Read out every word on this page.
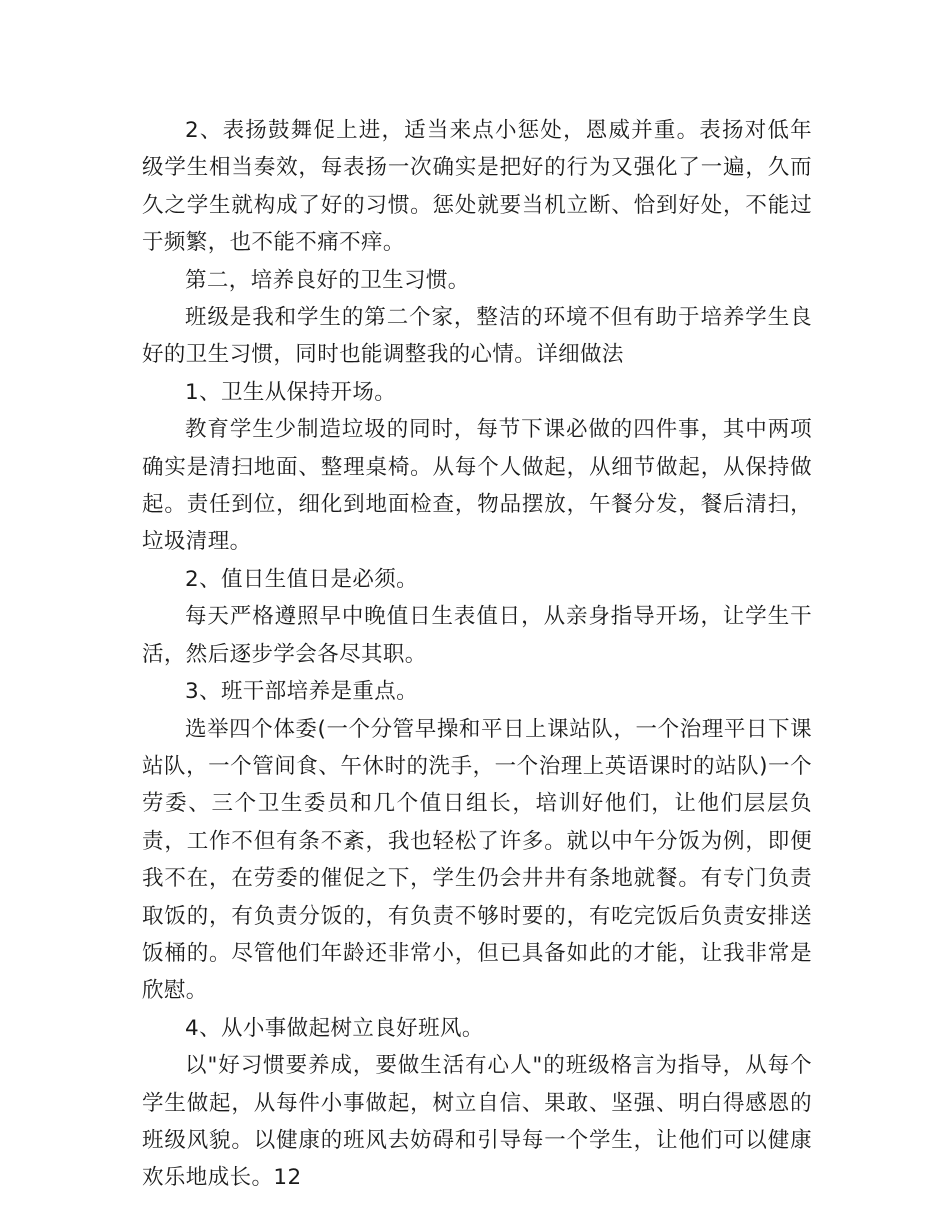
2、表扬鼓舞促上进，适当来点小惩处，恩威并重。表扬对低年级学生相当奏效，每表扬一次确实是把好的行为又强化了一遍，久而久之学生就构成了好的习惯。惩处就要当机立断、恰到好处，不能过于频繁，也不能不痛不痒。

第二，培养良好的卫生习惯。

班级是我和学生的第二个家，整洁的环境不但有助于培养学生良好的卫生习惯，同时也能调整我的心情。详细做法

1、卫生从保持开场。

教育学生少制造垃圾的同时，每节下课必做的四件事，其中两项确实是清扫地面、整理桌椅。从每个人做起，从细节做起，从保持做起。责任到位，细化到地面检查，物品摆放，午餐分发，餐后清扫，垃圾清理。

2、值日生值日是必须。

每天严格遵照早中晚值日生表值日，从亲身指导开场，让学生干活，然后逐步学会各尽其职。

3、班干部培养是重点。

选举四个体委(一个分管早操和平日上课站队，一个治理平日下课站队，一个管间食、午休时的洗手，一个治理上英语课时的站队)一个劳委、三个卫生委员和几个值日组长，培训好他们，让他们层层负责，工作不但有条不紊，我也轻松了许多。就以中午分饭为例，即便我不在，在劳委的催促之下，学生仍会井井有条地就餐。有专门负责取饭的，有负责分饭的，有负责不够时要的，有吃完饭后负责安排送饭桶的。尽管他们年龄还非常小，但已具备如此的才能，让我非常是欣慰。

4、从小事做起树立良好班风。

以"好习惯要养成，要做生活有心人"的班级格言为指导，从每个学生做起，从每件小事做起，树立自信、果敢、坚强、明白得感恩的班级风貌。以健康的班风去妨碍和引导每一个学生，让他们可以健康欢乐地成长。12
